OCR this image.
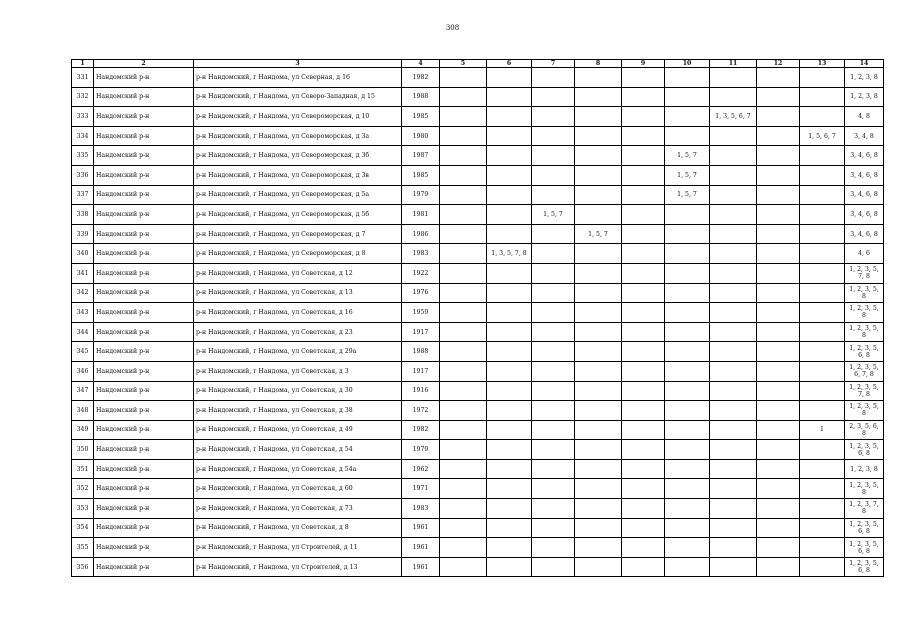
308
1	2	3	4	5	6	7	8	9	10	11	12	13	14
331	Нандомский р-н	р-н Нандомский, г Нандома, ул Северная, д 16	1982										1, 2, 3, 8
332	Нандомский р-н	р-н Нандомский, г Нандома, ул Северо-Западная, д 15	1988										1, 2, 3, 8
333	Нандомский р-н	р-н Нандомский, г Нандома, ул Североморская, д 10	1985							1, 3, 5, 6, 7			4, 8
334	Нандомский р-н	р-н Нандомский, г Нандома, ул Североморская, д 3а	1980									1, 5, 6, 7	3, 4, 8
335	Нандомский р-н	р-н Нандомский, г Нандома, ул Североморская, д 3б	1987						1, 5, 7				3, 4, 6, 8
336	Нандомский р-н	р-н Нандомский, г Нандома, ул Североморская, д 3в	1985						1, 5, 7				3, 4, 6, 8
337	Нандомский р-н	р-н Нандомский, г Нандома, ул Североморская, д 5а	1979						1, 5, 7				3, 4, 6, 8
338	Нандомский р-н	р-н Нандомский, г Нандома, ул Североморская, д 5б	1981			1, 5, 7							3, 4, 6, 8
339	Нандомский р-н	р-н Нандомский, г Нандома, ул Североморская, д 7	1986				1, 5, 7						3, 4, 6, 8
340	Нандомский р-н	р-н Нандомский, г Нандома, ул Североморская, д 8	1983		1, 3, 5, 7, 8								4, 6
341	Нандомский р-н	р-н Нандомский, г Нандома, ул Советская, д 12	1922										1, 2, 3, 5, 7, 8
342	Нандомский р-н	р-н Нандомский, г Нандома, ул Советская, д 13	1976										1, 2, 3, 5, 8
343	Нандомский р-н	р-н Нандомский, г Нандома, ул Советская, д 16	1959										1, 2, 3, 5, 8
344	Нандомский р-н	р-н Нандомский, г Нандома, ул Советская, д 23	1917										1, 2, 3, 5, 8
345	Нандомский р-н	р-н Нандомский, г Нандома, ул Советская, д 29а	1988										1, 2, 3, 5, 6, 8
346	Нандомский р-н	р-н Нандомский, г Нандома, ул Советская, д 3	1917										1, 2, 3, 5, 6, 7, 8
347	Нандомский р-н	р-н Нандомский, г Нандома, ул Советская, д 30	1916										1, 2, 3, 5, 7, 8
348	Нандомский р-н	р-н Нандомский, г Нандома, ул Советская, д 38	1972										1, 2, 3, 5, 8
349	Нандомский р-н	р-н Нандомский, г Нандома, ул Советская, д 49	1982									1	2, 3, 5, 6, 8
350	Нандомский р-н	р-н Нандомский, г Нандома, ул Советская, д 54	1979										1, 2, 3, 5, 6, 8
351	Нандомский р-н	р-н Нандомский, г Нандома, ул Советская, д 54а	1962										1, 2, 3, 8
352	Нандомский р-н	р-н Нандомский, г Нандома, ул Советская, д 60	1971										1, 2, 3, 5, 8
353	Нандомский р-н	р-н Нандомский, г Нандома, ул Советская, д 73	1983										1, 2, 3, 7, 8
354	Нандомский р-н	р-н Нандомский, г Нандома, ул Советская, д 8	1961										1, 2, 3, 5, 6, 8
355	Нандомский р-н	р-н Нандомский, г Нандома, ул Строителей, д 11	1961										1, 2, 3, 5, 6, 8
356	Нандомский р-н	р-н Нандомский, г Нандома, ул Строителей, д 13	1961										1, 2, 3, 5, 6, 8
